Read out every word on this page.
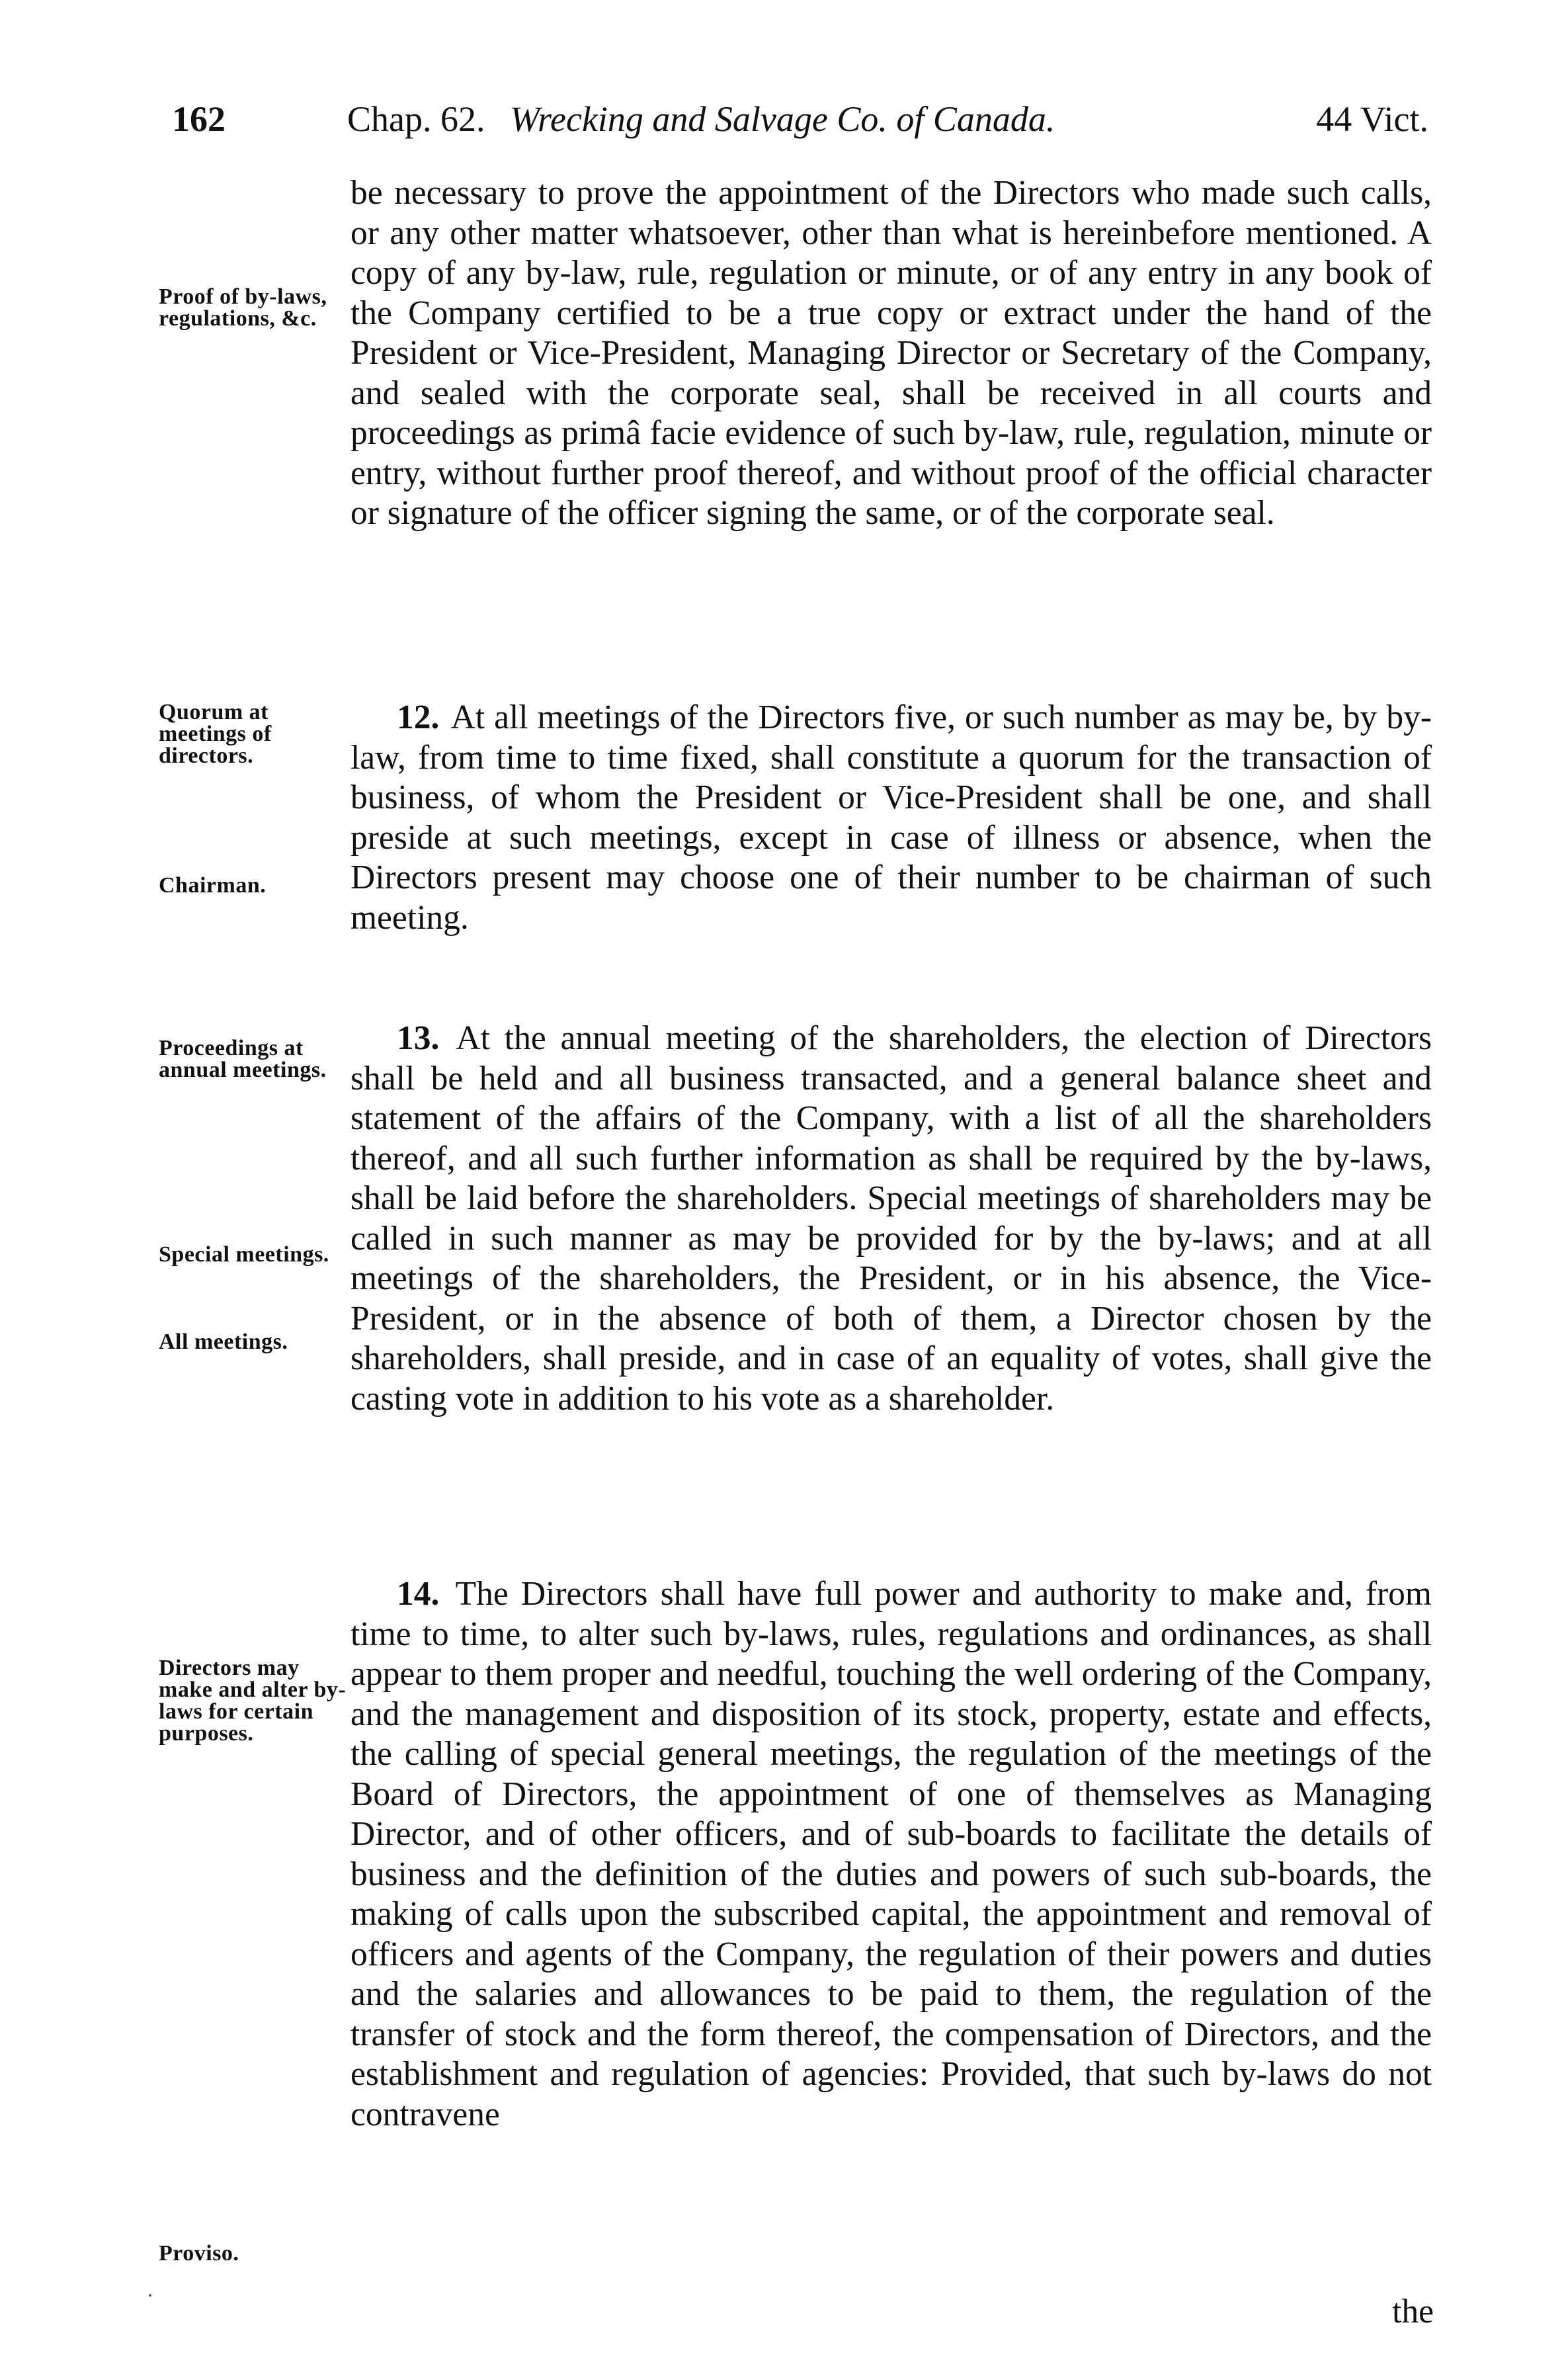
162	Chap. 62. Wrecking and Salvage Co. of Canada.	44 Vict.
Proof of by-laws, regulations, &c.
Quorum at meetings of directors.
Chairman.
Proceedings at annual meetings.
Special meetings.
All meetings.
Directors may make and alter by-laws for certain purposes.
Proviso.
be necessary to prove the appointment of the Directors who made such calls, or any other matter whatsoever, other than what is hereinbefore mentioned. A copy of any by-law, rule, regulation or minute, or of any entry in any book of the Company certified to be a true copy or extract under the hand of the President or Vice-President, Managing Director or Secretary of the Company, and sealed with the corporate seal, shall be received in all courts and proceedings as primâ facie evidence of such by-law, rule, regulation, minute or entry, without further proof thereof, and without proof of the official character or signature of the officer signing the same, or of the corporate seal.
12. At all meetings of the Directors five, or such number as may be, by by-law, from time to time fixed, shall constitute a quorum for the transaction of business, of whom the President or Vice-President shall be one, and shall preside at such meetings, except in case of illness or absence, when the Directors present may choose one of their number to be chairman of such meeting.
13. At the annual meeting of the shareholders, the election of Directors shall be held and all business transacted, and a general balance sheet and statement of the affairs of the Company, with a list of all the shareholders thereof, and all such further information as shall be required by the by-laws, shall be laid before the shareholders. Special meetings of shareholders may be called in such manner as may be provided for by the by-laws; and at all meetings of the shareholders, the President, or in his absence, the Vice-President, or in the absence of both of them, a Director chosen by the shareholders, shall preside, and in case of an equality of votes, shall give the casting vote in addition to his vote as a shareholder.
14. The Directors shall have full power and authority to make and, from time to time, to alter such by-laws, rules, regulations and ordinances, as shall appear to them proper and needful, touching the well ordering of the Company, and the management and disposition of its stock, property, estate and effects, the calling of special general meetings, the regulation of the meetings of the Board of Directors, the appointment of one of themselves as Managing Director, and of other officers, and of sub-boards to facilitate the details of business and the definition of the duties and powers of such sub-boards, the making of calls upon the subscribed capital, the appointment and removal of officers and agents of the Company, the regulation of their powers and duties and the salaries and allowances to be paid to them, the regulation of the transfer of stock and the form thereof, the compensation of Directors, and the establishment and regulation of agencies: Provided, that such by-laws do not contravene
the
